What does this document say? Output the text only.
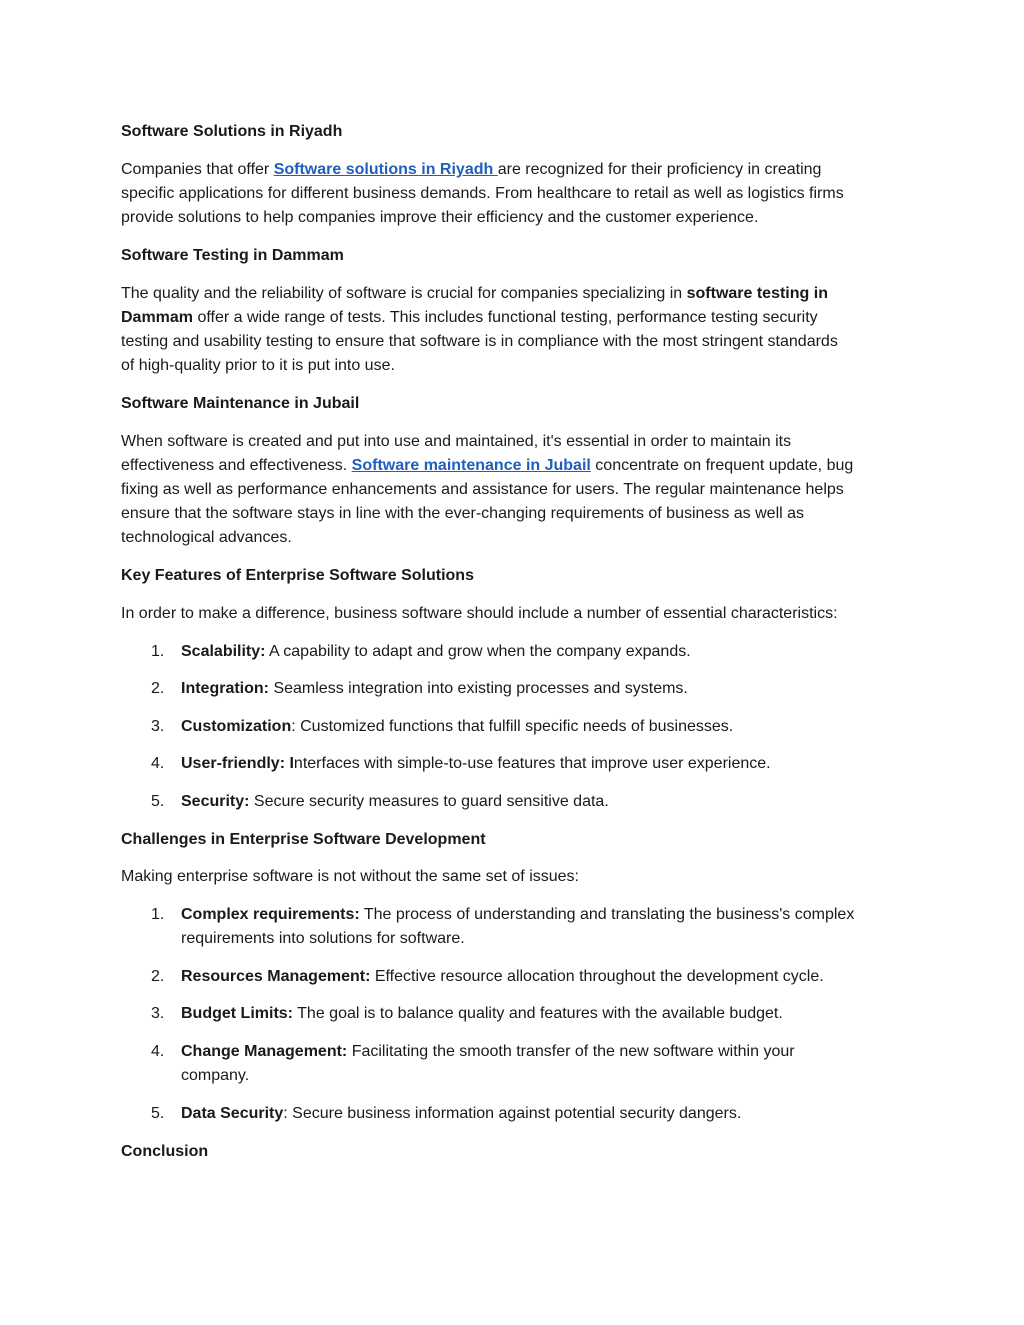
Software Solutions in Riyadh

Companies that offer Software solutions in Riyadh are recognized for their proficiency in creating

specific applications for different business demands. From healthcare to retail as well as logistics firms

provide solutions to help companies improve their efficiency and the customer experience.

Software Testing in Dammam

The quality and the reliability of software is crucial for companies specializing in software testing in

Dammam offer a wide range of tests. This includes functional testing, performance testing security

testing and usability testing to ensure that software is in compliance with the most stringent standards

of high-quality prior to it is put into use.

Software Maintenance in Jubail

When software is created and put into use and maintained, it's essential in order to maintain its

effectiveness and effectiveness. Software maintenance in Jubail concentrate on frequent update, bug

fixing as well as performance enhancements and assistance for users. The regular maintenance helps

ensure that the software stays in line with the ever-changing requirements of business as well as

technological advances.

Key Features of Enterprise Software Solutions

In order to make a difference, business software should include a number of essential characteristics:

1. Scalability: A capability to adapt and grow when the company expands.

2. Integration: Seamless integration into existing processes and systems.

3. Customization: Customized functions that fulfill specific needs of businesses.

4. User-friendly: Interfaces with simple-to-use features that improve user experience.

5. Security: Secure security measures to guard sensitive data.

Challenges in Enterprise Software Development

Making enterprise software is not without the same set of issues:

1. Complex requirements: The process of understanding and translating the business's complex

requirements into solutions for software.

2. Resources Management: Effective resource allocation throughout the development cycle.

3. Budget Limits: The goal is to balance quality and features with the available budget.

4. Change Management: Facilitating the smooth transfer of the new software within your

company.

5. Data Security: Secure business information against potential security dangers.

Conclusion
